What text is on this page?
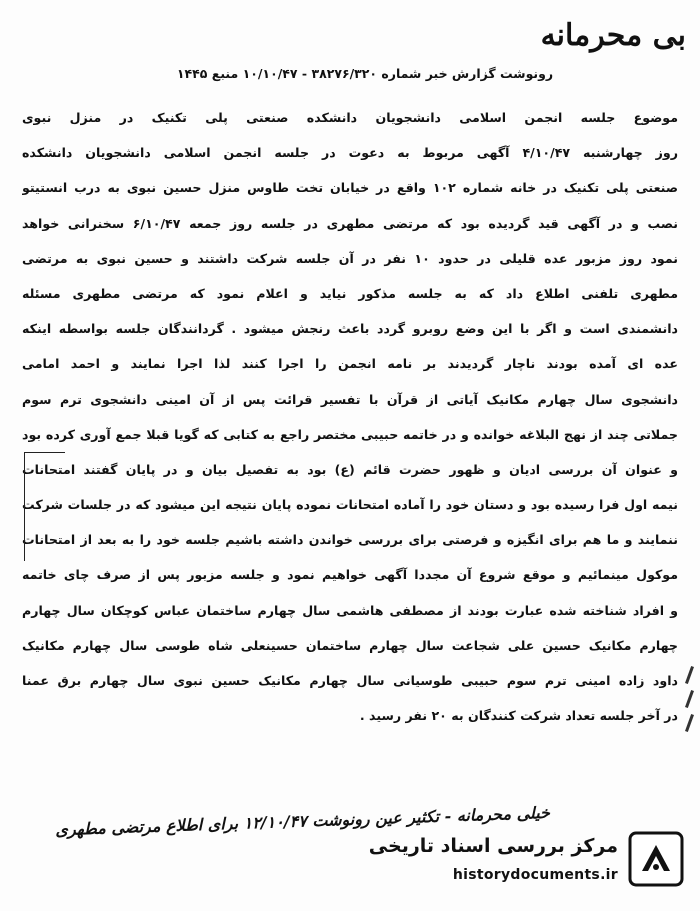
بی محرمانه
رونوشت گزارش خبر شماره ۳۸۲۷۶/۳۲۰ - ۱۰/۱۰/۴۷ منبع ۱۴۴۵
موضوع جلسه انجمن اسلامی دانشجویان دانشکده صنعتی پلی تکنیک در منزل نبوی
روز چهارشنبه ۴/۱۰/۴۷ آگهی مربوط به دعوت در جلسه انجمن اسلامی دانشجویان دانشکده
صنعتی پلی تکنیک در خانه شماره ۱۰۲ واقع در خیابان تخت طاوس منزل حسین نبوی به درب انستیتو
نصب و در آگهی قید گردیده بود که مرتضی مطهری در جلسه روز جمعه ۶/۱۰/۴۷ سخنرانی خواهد
نمود روز مزبور عده قلیلی در حدود ۱۰ نفر در آن جلسه شرکت داشتند و حسین نبوی به مرتضی
مطهری تلفنی اطلاع داد که به جلسه مذکور نیاید و اعلام نمود که مرتضی مطهری مسئله
دانشمندی است و اگر با این وضع روبرو گردد باعث رنجش میشود . گردانندگان جلسه بواسطه اینکه
عده ای آمده بودند ناچار گردیدند بر نامه انجمن را اجرا کنند لذا اجرا نمایند و احمد امامی
دانشجوی سال چهارم مکانیک آیاتی از قرآن با تفسیر قرائت پس از آن امینی دانشجوی ترم سوم
جملاتی چند از نهج البلاغه خوانده و در خاتمه حبیبی مختصر راجع به کتابی که گویا قبلا جمع آوری کرده بود
و عنوان آن بررسی ادیان و ظهور حضرت قائم (ع) بود به تفصیل بیان و در پایان گفتند امتحانات
نیمه اول فرا رسیده بود و دستان خود را آماده امتحانات نموده پایان نتیجه این میشود که در جلسات شرکت
ننمایند و ما هم برای انگیزه و فرصتی برای بررسی خواندن داشته باشیم جلسه خود را به بعد از امتحانات
موکول مینمائیم و موقع شروع آن مجددا آگهی خواهیم نمود و جلسه مزبور پس از صرف چای خاتمه
و افراد شناخته شده عبارت بودند از مصطفی هاشمی سال چهارم ساختمان عباس کوچکان سال چهارم
چهارم مکانیک حسین علی شجاعت سال چهارم ساختمان حسینعلی شاه طوسی سال چهارم مکانیک
داود زاده امینی ترم سوم حبیبی طوسیانی سال چهارم مکانیک حسین نبوی سال چهارم برق عمنا
در آخر جلسه تعداد شرکت کنندگان به ۲۰ نفر رسید .
خیلی محرمانه - تکثیر عین رونوشت ۱۲/۱۰/۴۷ برای اطلاع مرتضی مطهری
مرکز بررسی اسناد تاریخی
historydocuments.ir
